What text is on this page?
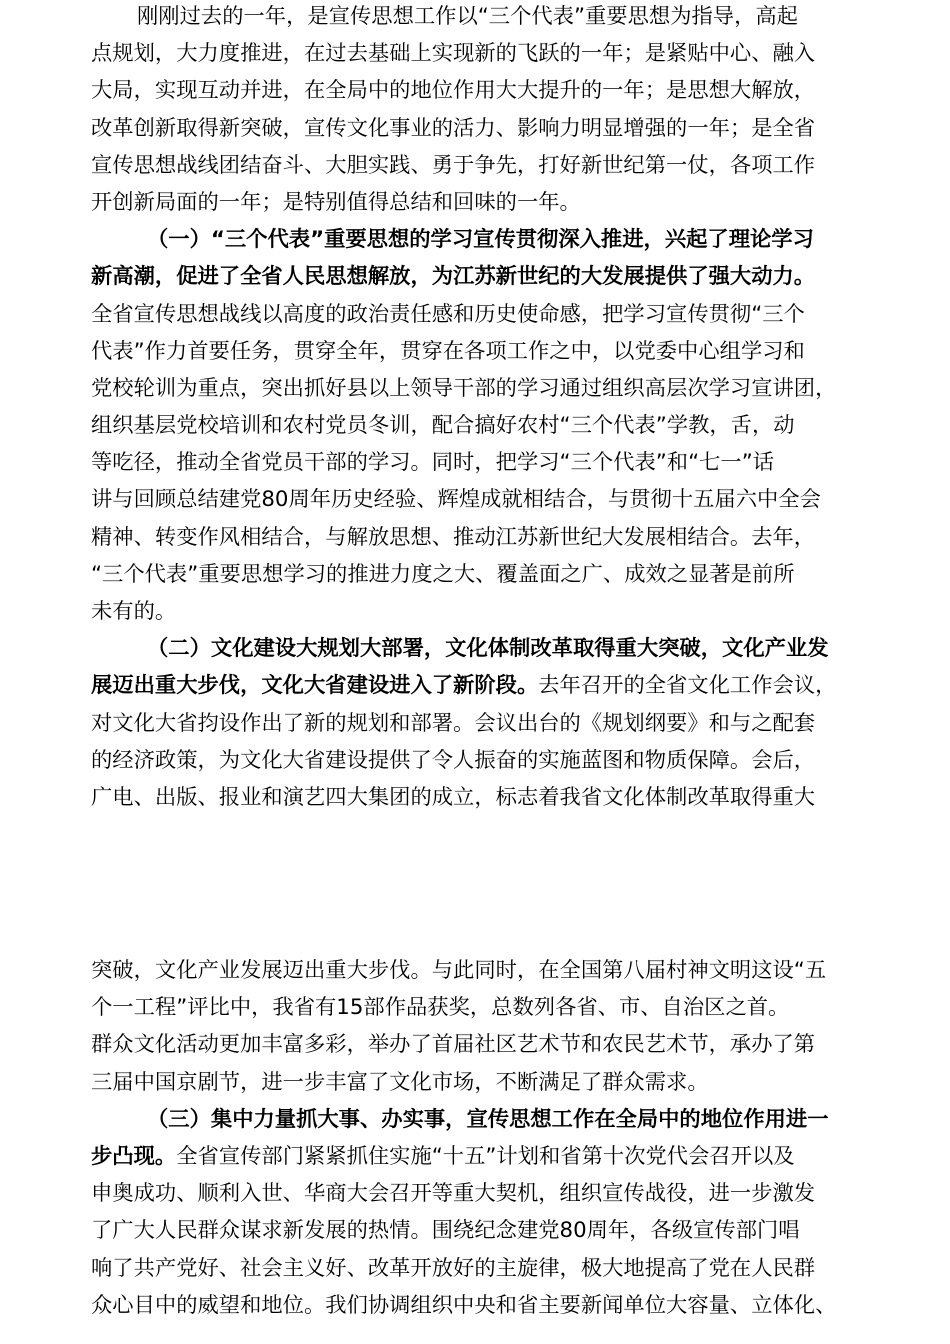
刚刚过去的一年，是宣传思想工作以“三个代表”重要思想为指导，高起
点规划，大力度推进，在过去基础上实现新的飞跃的一年；是紧贴中心、融入
大局，实现互动并进，在全局中的地位作用大大提升的一年；是思想大解放，
改革创新取得新突破，宣传文化事业的活力、影响力明显增强的一年；是全省
宣传思想战线团结奋斗、大胆实践、勇于争先，打好新世纪第一仗，各项工作
开创新局面的一年；是特别值得总结和回味的一年。
（一）“三个代表”重要思想的学习宣传贯彻深入推进，兴起了理论学习
新高潮，促进了全省人民思想解放，为江苏新世纪的大发展提供了强大动力。
全省宣传思想战线以高度的政治责任感和历史使命感，把学习宣传贯彻“三个
代表”作力首要任务，贯穿全年，贯穿在各项工作之中，以党委中心组学习和
党校轮训为重点，突出抓好县以上领导干部的学习通过组织高层次学习宣讲团，
组织基层党校培训和农村党员冬训，配合搞好农村“三个代表”学教，舌，动
等吃径，推动全省党员干部的学习。同时，把学习“三个代表”和“七一”话
讲与回顾总结建党80周年历史经验、辉煌成就相结合，与贯彻十五届六中全会
精神、转变作风相结合，与解放思想、推动江苏新世纪大发展相结合。去年，
“三个代表”重要思想学习的推进力度之大、覆盖面之广、成效之显著是前所
未有的。
（二）文化建设大规划大部署，文化体制改革取得重大突破，文化产业发
展迈出重大步伐，文化大省建设进入了新阶段。去年召开的全省文化工作会议，
对文化大省抣设作出了新的规划和部署。会议出台的《规划纲要》和与之配套
的经济政策，为文化大省建设提供了令人振奋的实施蓝图和物质保障。会后，
广电、出版、报业和演艺四大集团的成立，标志着我省文化体制改革取得重大
突破，文化产业发展迈出重大步伐。与此同时，在全国第八届村神文明这设“五
个一工程”评比中，我省有15部作品获奖，总数列各省、市、自治区之首。
群众文化活动更加丰富多彩，举办了首届社区艺术节和农民艺术节，承办了第
三届中国京剧节，进一步丰富了文化市场，不断满足了群众需求。
（三）集中力量抓大事、办实事，宣传思想工作在全局中的地位作用进一
步凸现。全省宣传部门紧紧抓住实施“十五”计划和省第十次党代会召开以及
申奥成功、顺利入世、华商大会召开等重大契机，组织宣传战役，进一步激发
了广大人民群众谋求新发展的热情。围绕纪念建党80周年，各级宣传部门唱
响了共产党好、社会主义好、改革开放好的主旋律，极大地提高了党在人民群
众心目中的威望和地位。我们协调组织中央和省主要新闻单位大容量、立体化、
